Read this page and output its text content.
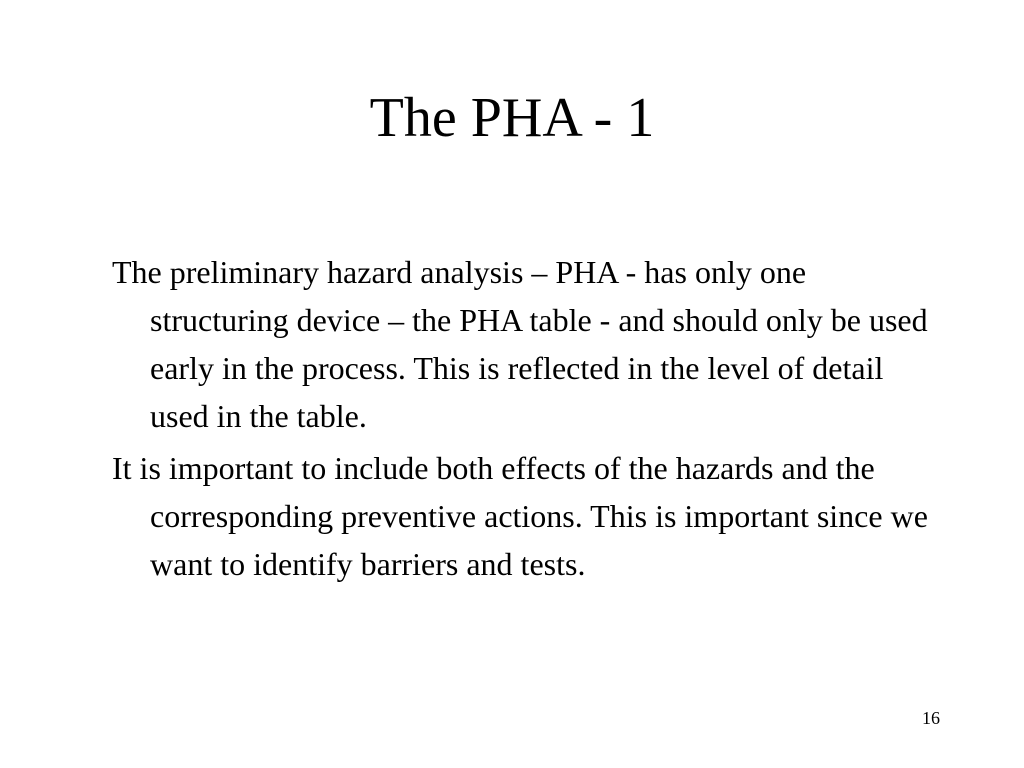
The PHA - 1
The preliminary hazard analysis – PHA - has only one structuring device – the PHA table - and should only be used early in the process. This is reflected in the level of detail used in the table.
It is important to include both effects of the hazards and the corresponding preventive actions. This is important since we want to identify barriers and tests.
16
